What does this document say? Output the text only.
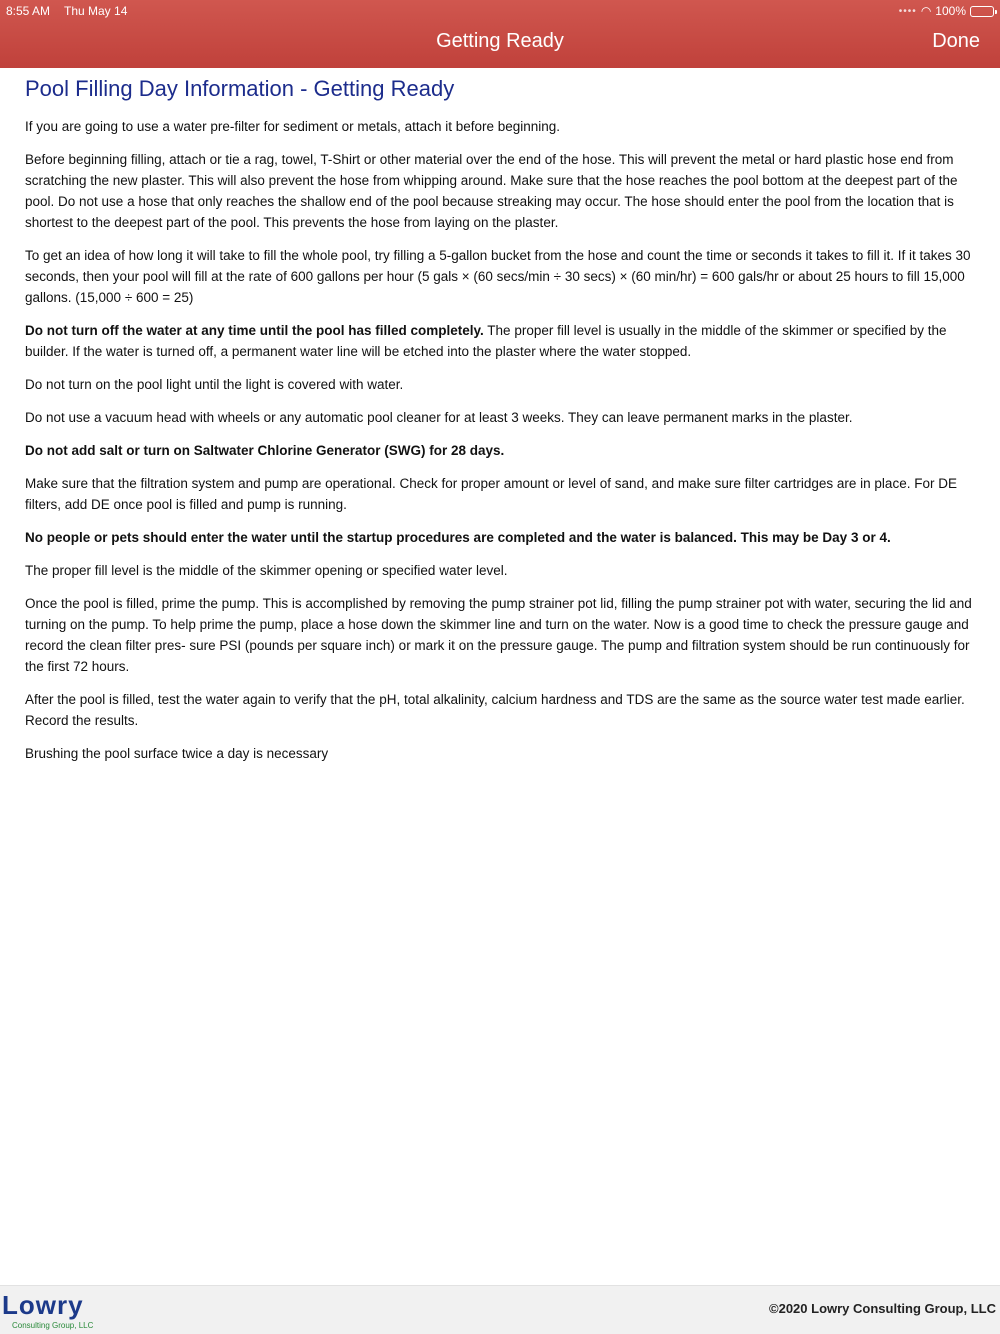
8:55 AM Thu May 14	•••• ◠ 100%
Getting Ready	Done
Pool Filling Day Information - Getting Ready

If you are going to use a water pre-filter for sediment or metals, attach it before beginning.

Before beginning filling, attach or tie a rag, towel, T-Shirt or other material over the end of the hose. This will prevent the metal or hard plastic hose end from scratching the new plaster. This will also prevent the hose from whipping around. Make sure that the hose reaches the pool bottom at the deepest part of the pool. Do not use a hose that only reaches the shallow end of the pool because streaking may occur. The hose should enter the pool from the location that is shortest to the deepest part of the pool. This prevents the hose from laying on the plaster.

To get an idea of how long it will take to fill the whole pool, try filling a 5-gallon bucket from the hose and count the time or seconds it takes to fill it. If it takes 30 seconds, then your pool will fill at the rate of 600 gallons per hour (5 gals × (60 secs/min ÷ 30 secs) × (60 min/hr) = 600 gals/hr or about 25 hours to fill 15,000 gallons. (15,000 ÷ 600 = 25)

Do not turn off the water at any time until the pool has filled completely. The proper fill level is usually in the middle of the skimmer or specified by the builder. If the water is turned off, a permanent water line will be etched into the plaster where the water stopped.

Do not turn on the pool light until the light is covered with water.

Do not use a vacuum head with wheels or any automatic pool cleaner for at least 3 weeks. They can leave permanent marks in the plaster.

Do not add salt or turn on Saltwater Chlorine Generator (SWG) for 28 days.

Make sure that the filtration system and pump are operational. Check for proper amount or level of sand, and make sure filter cartridges are in place. For DE filters, add DE once pool is filled and pump is running.

No people or pets should enter the water until the startup procedures are completed and the water is balanced. This may be Day 3 or 4.

The proper fill level is the middle of the skimmer opening or specified water level.

Once the pool is filled, prime the pump. This is accomplished by removing the pump strainer pot lid, filling the pump strainer pot with water, securing the lid and turning on the pump. To help prime the pump, place a hose down the skimmer line and turn on the water. Now is a good time to check the pressure gauge and record the clean filter pres- sure PSI (pounds per square inch) or mark it on the pressure gauge. The pump and filtration system should be run continuously for the first 72 hours.

After the pool is filled, test the water again to verify that the pH, total alkalinity, calcium hardness and TDS are the same as the source water test made earlier. Record the results.

Brushing the pool surface twice a day is necessary

Lowry
Consulting Group, LLC
©2020 Lowry Consulting Group, LLC
